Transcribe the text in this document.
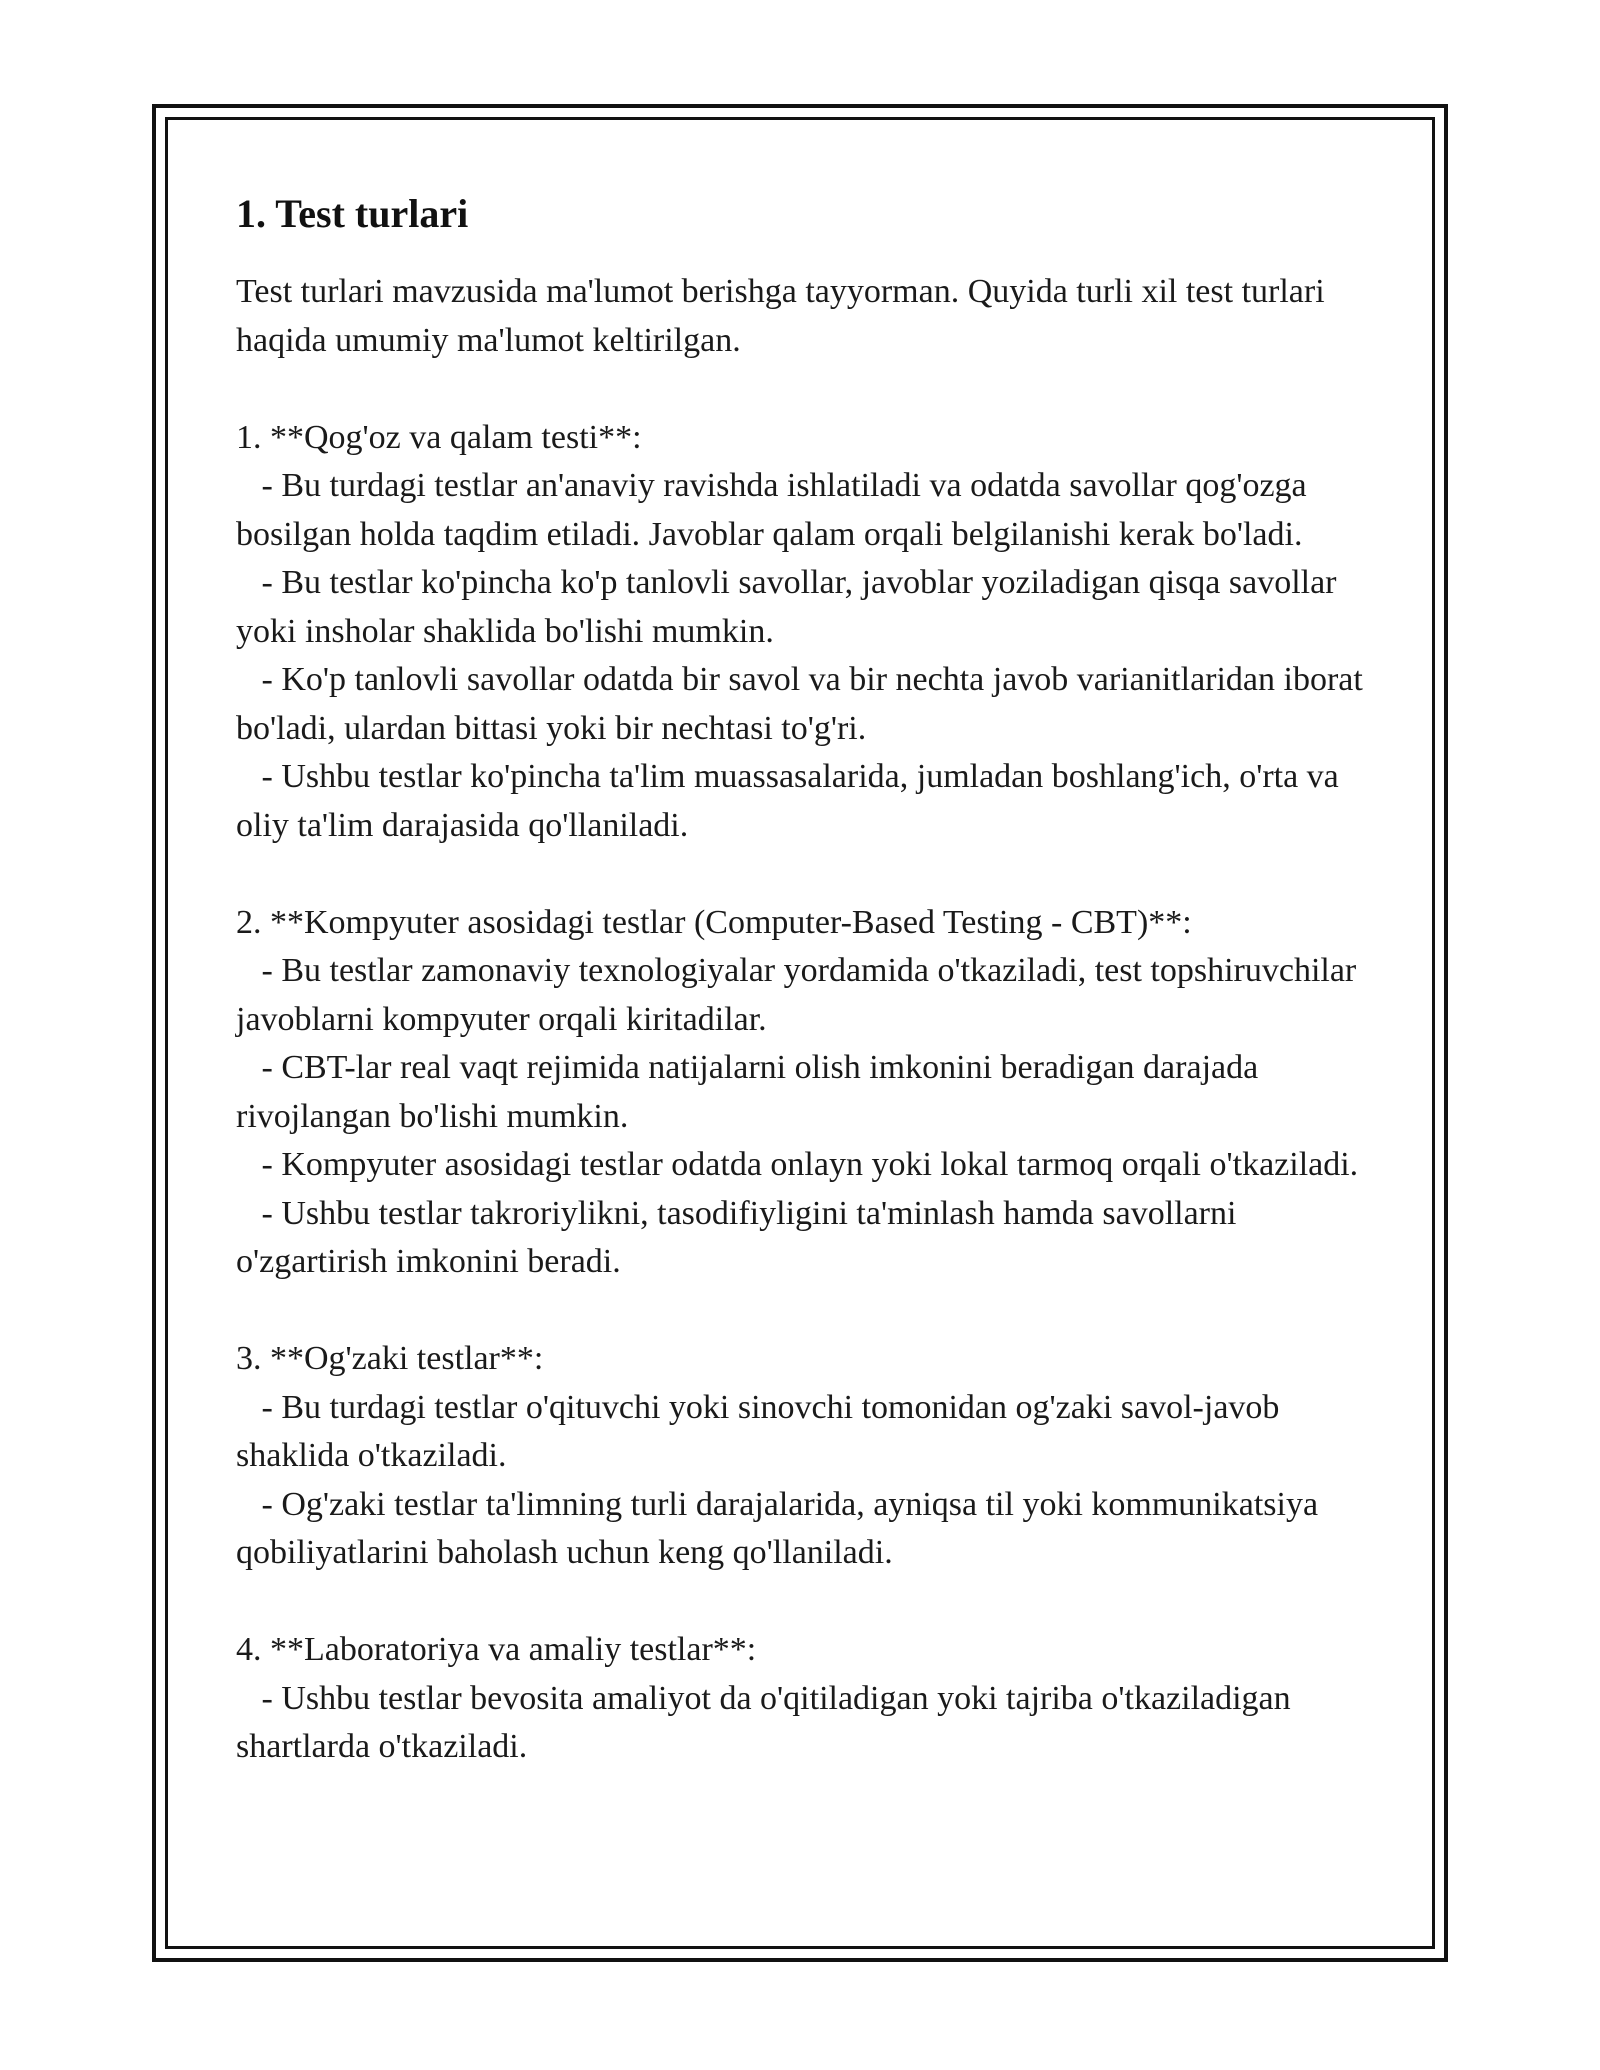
1. Test turlari

Test turlari mavzusida ma'lumot berishga tayyorman. Quyida turli xil test turlari haqida umumiy ma'lumot keltirilgan.

1. **Qog'oz va qalam testi**:

- Bu turdagi testlar an'anaviy ravishda ishlatiladi va odatda savollar qog'ozga bosilgan holda taqdim etiladi. Javoblar qalam orqali belgilanishi kerak bo'ladi.

- Bu testlar ko'pincha ko'p tanlovli savollar, javoblar yoziladigan qisqa savollar yoki insholar shaklida bo'lishi mumkin.

- Ko'p tanlovli savollar odatda bir savol va bir nechta javob varianitlaridan iborat bo'ladi, ulardan bittasi yoki bir nechtasi to'g'ri.

- Ushbu testlar ko'pincha ta'lim muassasalarida, jumladan boshlang'ich, o'rta va oliy ta'lim darajasida qo'llaniladi.

2. **Kompyuter asosidagi testlar (Computer-Based Testing - CBT)**:

- Bu testlar zamonaviy texnologiyalar yordamida o'tkaziladi, test topshiruvchilar javoblarni kompyuter orqali kiritadilar.

- CBT-lar real vaqt rejimida natijalarni olish imkonini beradigan darajada rivojlangan bo'lishi mumkin.

- Kompyuter asosidagi testlar odatda onlayn yoki lokal tarmoq orqali o'tkaziladi.

- Ushbu testlar takroriylikni, tasodifiyligini ta'minlash hamda savollarni o'zgartirish imkonini beradi.

3. **Og'zaki testlar**:

- Bu turdagi testlar o'qituvchi yoki sinovchi tomonidan og'zaki savol-javob shaklida o'tkaziladi.

- Og'zaki testlar ta'limning turli darajalarida, ayniqsa til yoki kommunikatsiya qobiliyatlarini baholash uchun keng qo'llaniladi.

4. **Laboratoriya va amaliy testlar**:

- Ushbu testlar bevosita amaliyot da o'qitiladigan yoki tajriba o'tkaziladigan shartlarda o'tkaziladi.
